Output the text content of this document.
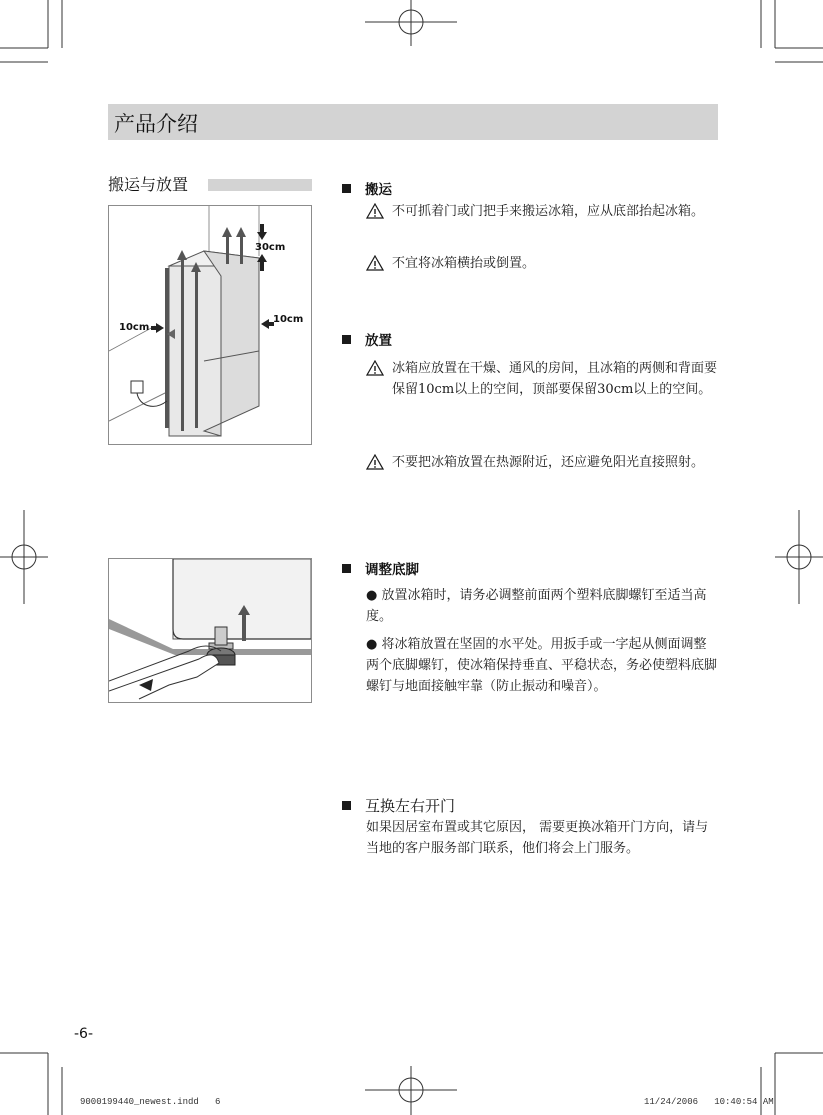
产品介绍
搬运与放置
30cm
10cm
10cm
搬运
不可抓着门或门把手来搬运冰箱，应从底部抬起冰箱。
不宜将冰箱横抬或倒置。
放置
冰箱应放置在干燥、通风的房间，且冰箱的两侧和背面要保留10cm以上的空间，顶部要保留30cm以上的空间。
不要把冰箱放置在热源附近，还应避免阳光直接照射。
调整底脚
● 放置冰箱时，请务必调整前面两个塑料底脚螺钉至适当高度。
● 将冰箱放置在坚固的水平处。用扳手或一字起从侧面调整两个底脚螺钉，使冰箱保持垂直、平稳状态，务必使塑料底脚螺钉与地面接触牢靠（防止振动和噪音）。
互换左右开门
如果因居室布置或其它原因， 需要更换冰箱开门方向，请与当地的客户服务部门联系，他们将会上门服务。
-6-
9000199440_newest.indd   6	11/24/2006   10:40:54 AM
